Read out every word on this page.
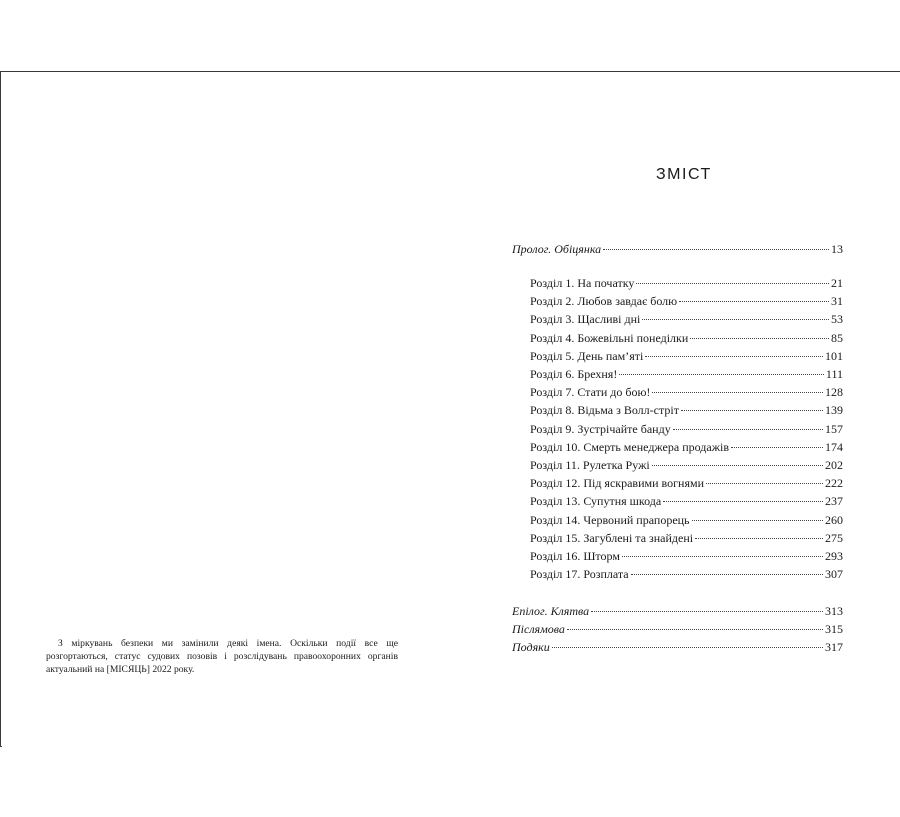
З міркувань безпеки ми замінили деякі імена. Оскільки події все ще розгортаються, статус судових позовів і розслідувань правоохоронних органів актуальний на [МІСЯЦЬ] 2022 року.

ЗМІСТ
Пролог. Обіцянка	13
Розділ 1. На початку	21
Розділ 2. Любов завдає болю	31
Розділ 3. Щасливі дні	53
Розділ 4. Божевільні понеділки	85
Розділ 5. День пам’яті	101
Розділ 6. Брехня!	111
Розділ 7. Стати до бою!	128
Розділ 8. Відьма з Волл-стріт	139
Розділ 9. Зустрічайте банду	157
Розділ 10. Смерть менеджера продажів	174
Розділ 11. Рулетка Ружі	202
Розділ 12. Під яскравими вогнями	222
Розділ 13. Супутня шкода	237
Розділ 14. Червоний прапорець	260
Розділ 15. Загублені та знайдені	275
Розділ 16. Шторм	293
Розділ 17. Розплата	307
Епілог. Клятва	313
Післямова	315
Подяки	317
